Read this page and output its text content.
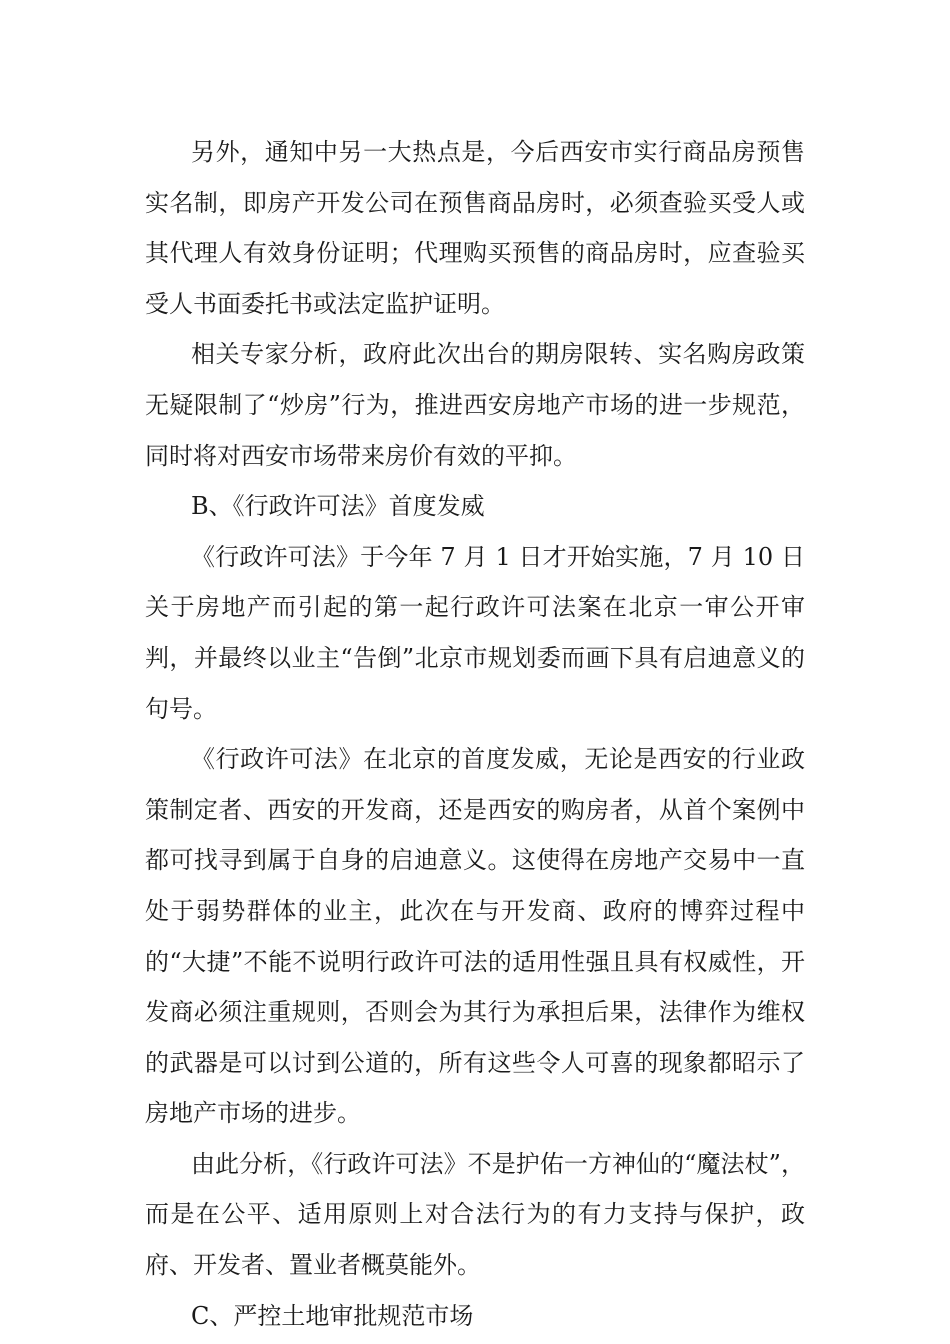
另外，通知中另一大热点是，今后西安市实行商品房预售实名制，即房产开发公司在预售商品房时，必须查验买受人或其代理人有效身份证明；代理购买预售的商品房时，应查验买受人书面委托书或法定监护证明。

相关专家分析，政府此次出台的期房限转、实名购房政策无疑限制了“炒房”行为，推进西安房地产市场的进一步规范，同时将对西安市场带来房价有效的平抑。

B、《行政许可法》首度发威

《行政许可法》于今年 7 月 1 日才开始实施，7 月 10 日关于房地产而引起的第一起行政许可法案在北京一审公开审判，并最终以业主“告倒”北京市规划委而画下具有启迪意义的句号。

《行政许可法》在北京的首度发威，无论是西安的行业政策制定者、西安的开发商，还是西安的购房者，从首个案例中都可找寻到属于自身的启迪意义。这使得在房地产交易中一直处于弱势群体的业主，此次在与开发商、政府的博弈过程中的“大捷”不能不说明行政许可法的适用性强且具有权威性，开发商必须注重规则，否则会为其行为承担后果，法律作为维权的武器是可以讨到公道的，所有这些令人可喜的现象都昭示了房地产市场的进步。

由此分析，《行政许可法》不是护佑一方神仙的“魔法杖”，而是在公平、适用原则上对合法行为的有力支持与保护，政府、开发者、置业者概莫能外。

C、严控土地审批规范市场
